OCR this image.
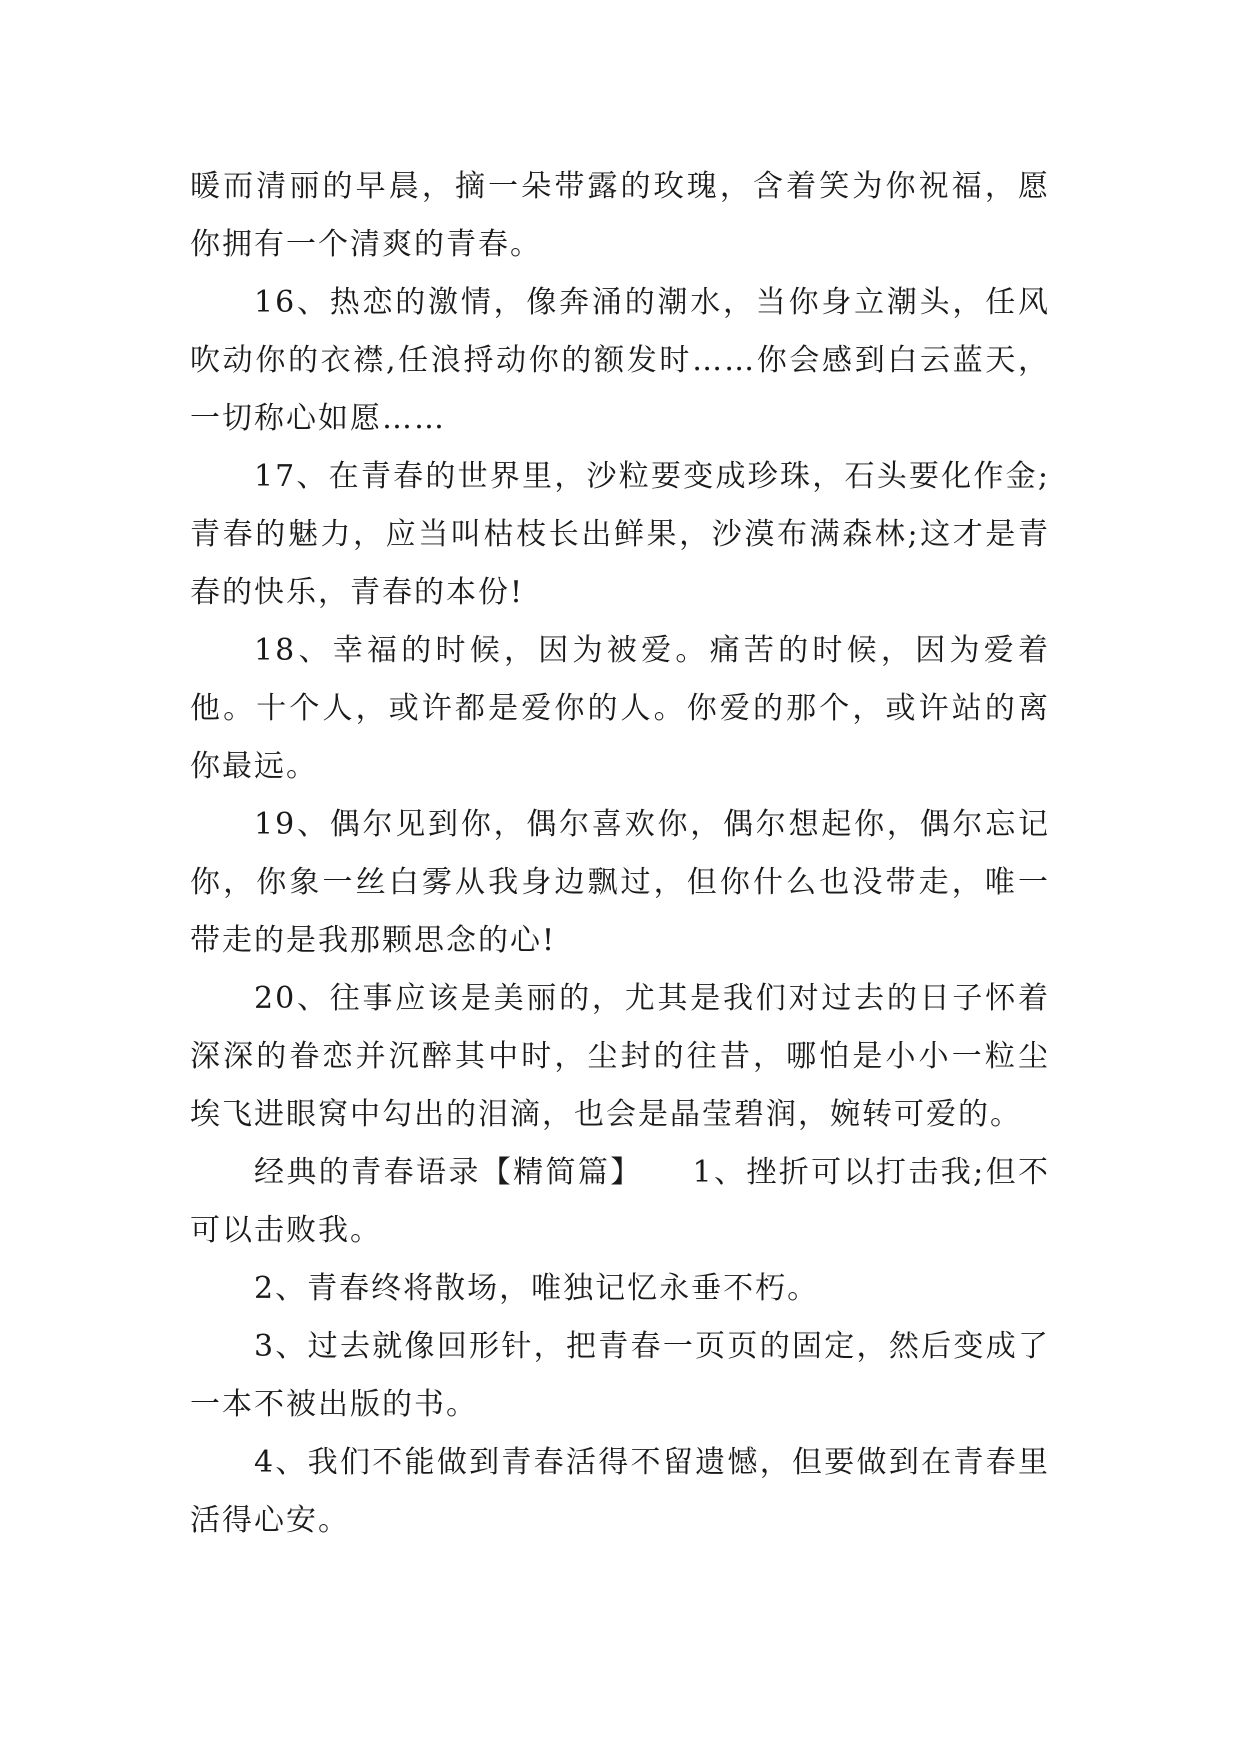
暖而清丽的早晨，摘一朵带露的玫瑰，含着笑为你祝福，愿你拥有一个清爽的青春。

16、热恋的激情，像奔涌的潮水，当你身立潮头，任风吹动你的衣襟,任浪捋动你的额发时……你会感到白云蓝天，一切称心如愿……

17、在青春的世界里，沙粒要变成珍珠，石头要化作金;青春的魅力，应当叫枯枝长出鲜果，沙漠布满森林;这才是青春的快乐，青春的本份!

18、幸福的时候，因为被爱。痛苦的时候，因为爱着他。十个人，或许都是爱你的人。你爱的那个，或许站的离你最远。

19、偶尔见到你，偶尔喜欢你，偶尔想起你，偶尔忘记你，你象一丝白雾从我身边飘过，但你什么也没带走，唯一带走的是我那颗思念的心!

20、往事应该是美丽的，尤其是我们对过去的日子怀着深深的眷恋并沉醉其中时，尘封的往昔，哪怕是小小一粒尘埃飞进眼窝中勾出的泪滴，也会是晶莹碧润，婉转可爱的。

经典的青春语录【精简篇】　　1、挫折可以打击我;但不可以击败我。

2、青春终将散场，唯独记忆永垂不朽。

3、过去就像回形针，把青春一页页的固定，然后变成了一本不被出版的书。

4、我们不能做到青春活得不留遗憾，但要做到在青春里活得心安。
